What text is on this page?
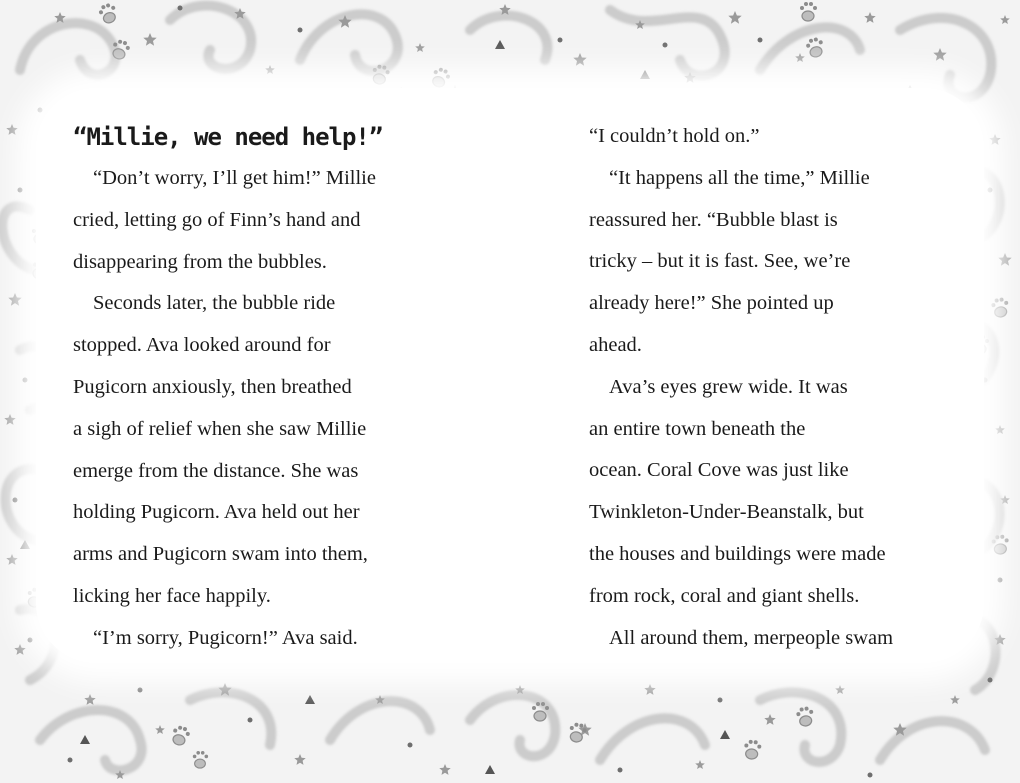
“Millie, we need help!”
“Don’t worry, I’ll get him!” Millie
cried, letting go of Finn’s hand and
disappearing from the bubbles.
Seconds later, the bubble ride
stopped. Ava looked around for
Pugicorn anxiously, then breathed
a sigh of relief when she saw Millie
emerge from the distance. She was
holding Pugicorn. Ava held out her
arms and Pugicorn swam into them,
licking her face happily.
“I’m sorry, Pugicorn!” Ava said.
“I couldn’t hold on.”
“It happens all the time,” Millie
reassured her. “Bubble blast is
tricky – but it is fast. See, we’re
already here!” She pointed up
ahead.
Ava’s eyes grew wide. It was
an entire town beneath the
ocean. Coral Cove was just like
Twinkleton-Under-Beanstalk, but
the houses and buildings were made
from rock, coral and giant shells.
All around them, merpeople swam
